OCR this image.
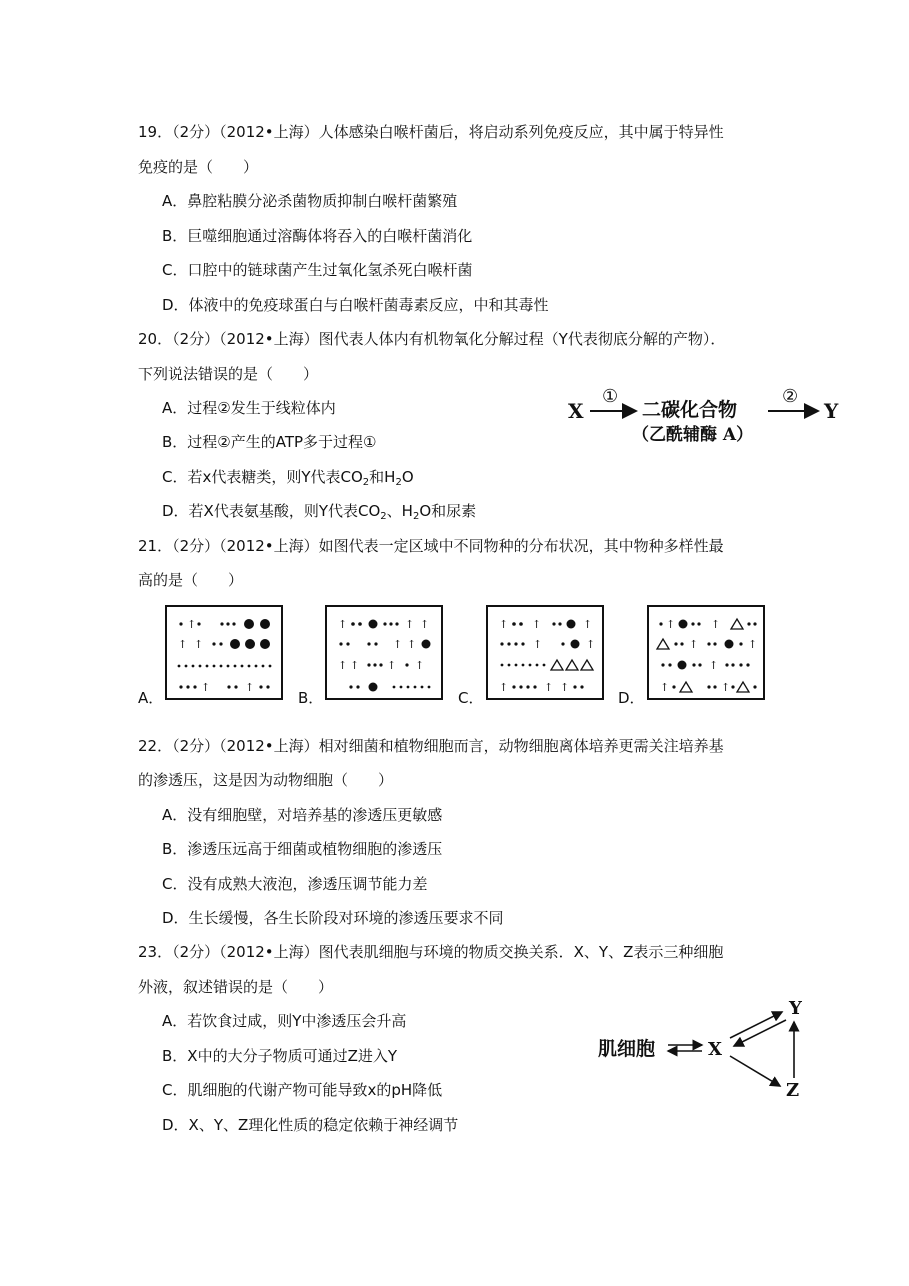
19．（2分）（2012•上海）人体感染白喉杆菌后，将启动系列免疫反应，其中属于特异性
免疫的是（　　）
A．鼻腔粘膜分泌杀菌物质抑制白喉杆菌繁殖
B．巨噬细胞通过溶酶体将吞入的白喉杆菌消化
C．口腔中的链球菌产生过氧化氢杀死白喉杆菌
D．体液中的免疫球蛋白与白喉杆菌毒素反应，中和其毒性
20．（2分）（2012•上海）图代表人体内有机物氧化分解过程（Y代表彻底分解的产物）．
下列说法错误的是（　　）
A．过程②发生于线粒体内
B．过程②产生的ATP多于过程①
C．若x代表糖类，则Y代表$CO_2$和$H_2O$
D．若X代表氨基酸，则Y代表$CO_2$、$H_2O$和尿素
X
①
二碳化合物
（乙酰辅酶 A）
②
Y
21．（2分）（2012•上海）如图代表一定区域中不同物种的分布状况，其中物种多样性最
高的是（　　）
A．
↑
↑ ↑
↑	↑
B．
↑	↑ ↑
↑ ↑
↑ ↑	↑ ↑
C．
↑ ↑	↑
↑	↑
↑	↑ ↑
D．
↑	↑
↑	↑
↑
↑	↑
22．（2分）（2012•上海）相对细菌和植物细胞而言，动物细胞离体培养更需关注培养基
的渗透压，这是因为动物细胞（　　）
A．没有细胞壁，对培养基的渗透压更敏感
B．渗透压远高于细菌或植物细胞的渗透压
C．没有成熟大液泡，渗透压调节能力差
D．生长缓慢，各生长阶段对环境的渗透压要求不同
23．（2分）（2012•上海）图代表肌细胞与环境的物质交换关系．X、Y、Z表示三种细胞
外液，叙述错误的是（　　）
A．若饮食过咸，则Y中渗透压会升高
B．X中的大分子物质可通过Z进入Y
C．肌细胞的代谢产物可能导致x的pH降低
D．X、Y、Z理化性质的稳定依赖于神经调节
肌细胞	X
Y
Z
